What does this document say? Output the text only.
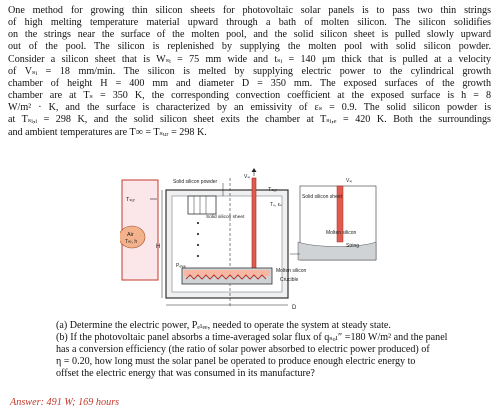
One method for growing thin silicon sheets for photovoltaic solar panels is to pass two thin strings
of high melting temperature material upward through a bath of molten silicon. The silicon solidifies
on the strings near the surface of the molten pool, and the solid silicon sheet is pulled slowly upward
out of the pool. The silicon is replenished by supplying the molten pool with solid silicon powder.
Consider a silicon sheet that is Wₛᵢ = 75 mm wide and tₛᵢ = 140 μm thick that is pulled at a velocity
of Vₛᵢ = 18 mm/min. The silicon is melted by supplying electric power to the cylindrical growth
chamber of height H = 400 mm and diameter D = 350 mm. The exposed surfaces of the growth
chamber are at Tₛ = 350 K, the corresponding convection coefficient at the exposed surface is h = 8
W/m² · K, and the surface is characterized by an emissivity of εₛ = 0.9. The solid silicon powder is
at Tₛᵢ,ᵢ = 298 K, and the solid silicon sheet exits the chamber at Tₛᵢ,ₑ = 420 K. Both the surroundings
and ambient temperatures are T∞ = Tₛᵤᵣ = 298 K.
Air
T∞, h
Tₛᵤᵣ
H
Solid silicon powder
Solid silicon sheet
Vₛᵢ
Pₑₗₑₑ
Tₛᵤᵣ
Tₛ, εₛ
Vₛᵢ
Solid silicon sheet
Molten silicon
String
Molten silicon
Crucible
D

(a) Determine the electric power, Pₑₗₑₑ, needed to operate the system at steady state.

(b) If the photovoltaic panel absorbs a time-averaged solar flux of qₛₒₗ″ =180 W/m² and the panel
has a conversion efficiency (the ratio of solar power absorbed to electric power produced) of
η = 0.20, how long must the solar panel be operated to produce enough electric energy to
offset the electric energy that was consumed in its manufacture?

Answer: 491 W; 169 hours
